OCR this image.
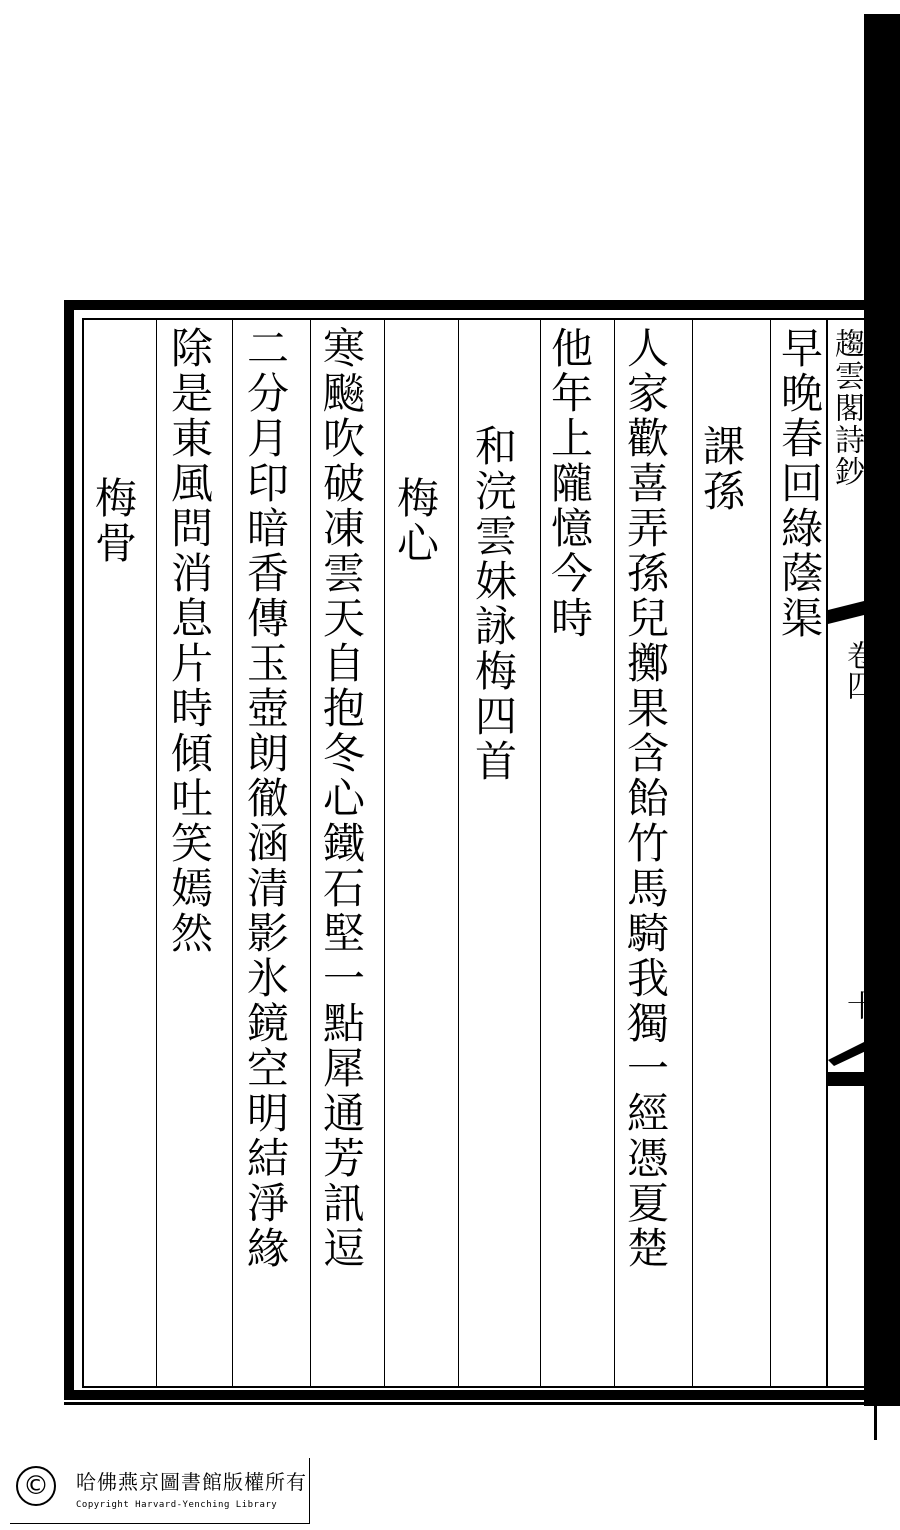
趨雲閣詩鈔
卷四
十
早晚春回綠蔭渠
課孫
人家歡喜弄孫兒擲果含飴竹馬騎我獨一經憑夏楚
他年上隴憶今時
和浣雲妹詠梅四首
梅心
寒飈吹破凍雲天自抱冬心鐵石堅一點犀通芳訊逗
二分月印暗香傳玉壺朗徹涵清影氷鏡空明結淨緣
除是東風問消息片時傾吐笑嫣然
梅骨
©	哈佛燕京圖書館版權所有
Copyright Harvard-Yenching Library
